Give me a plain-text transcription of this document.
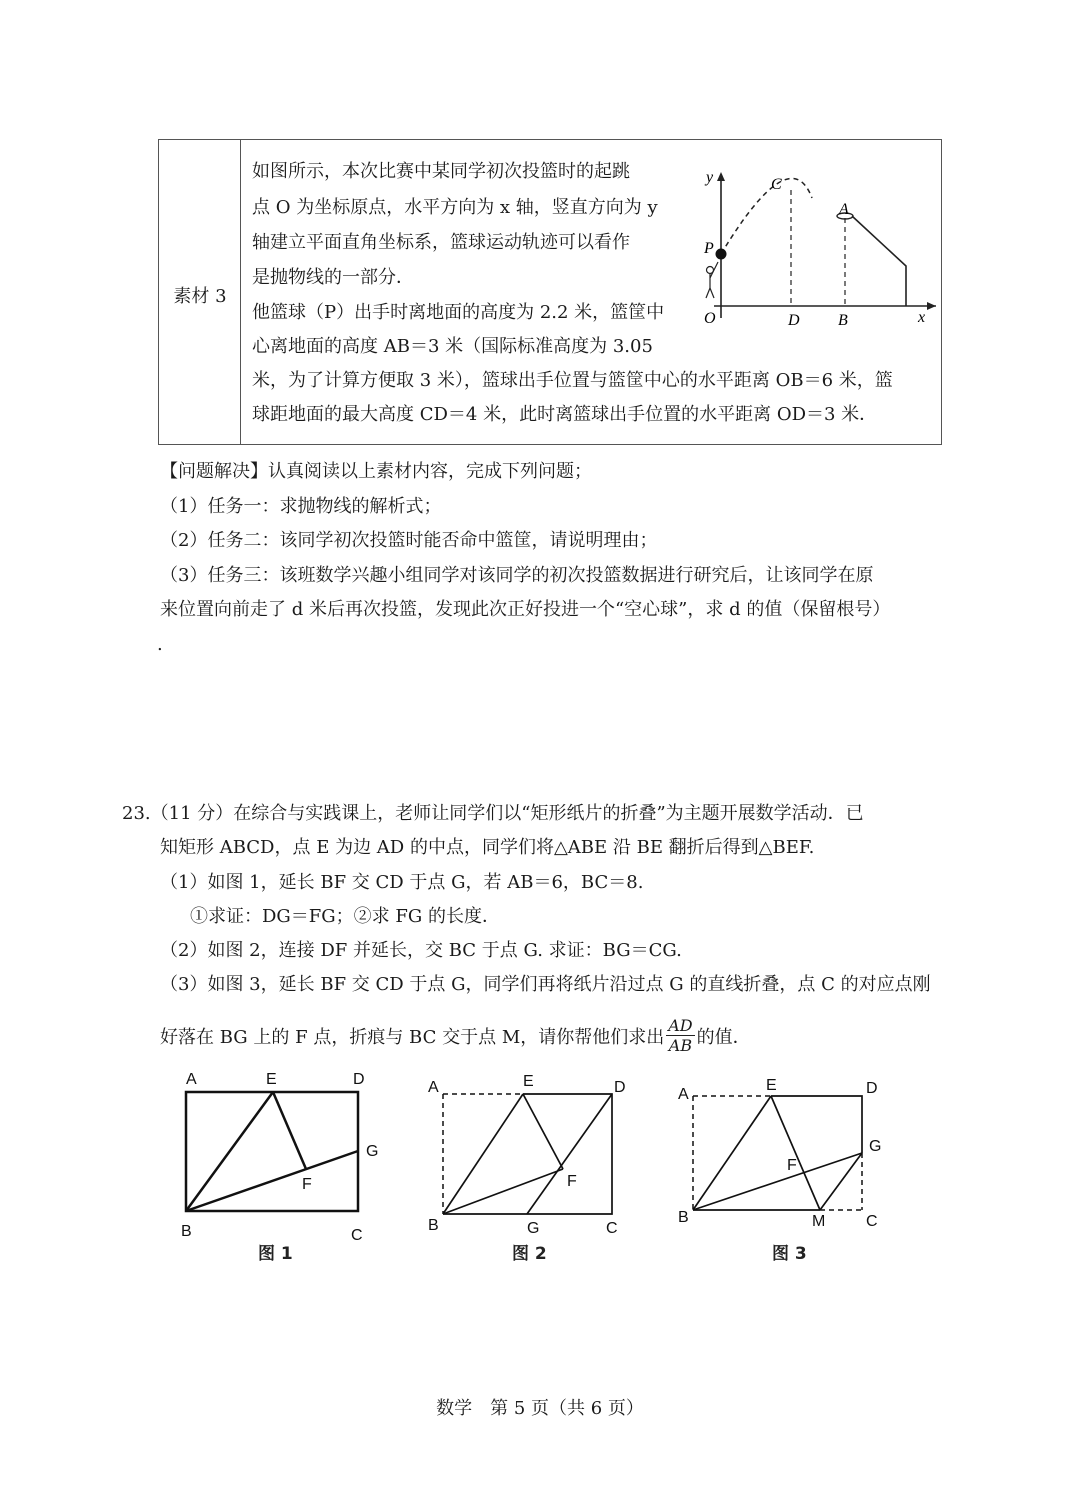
素材 3
如图所示，本次比赛中某同学初次投篮时的起跳
点 O 为坐标原点，水平方向为 x 轴，竖直方向为 y
轴建立平面直角坐标系，篮球运动轨迹可以看作
是抛物线的一部分．
他篮球（P）出手时离地面的高度为 2.2 米，篮筐中
心离地面的高度 AB＝3 米（国际标准高度为 3.05
米，为了计算方便取 3 米），篮球出手位置与篮筐中心的水平距离 OB＝6 米，篮
球距地面的最大高度 CD＝4 米，此时离篮球出手位置的水平距离 OD＝3 米．
y
x
O	D B
C
A
P
【问题解决】认真阅读以上素材内容，完成下列问题；
（1）任务一：求抛物线的解析式；
（2）任务二：该同学初次投篮时能否命中篮筐，请说明理由；
（3）任务三：该班数学兴趣小组同学对该同学的初次投篮数据进行研究后，让该同学在原
来位置向前走了 d 米后再次投篮，发现此次正好投进一个“空心球”，求 d 的值（保留根号）
.
23.（11 分）在综合与实践课上，老师让同学们以“矩形纸片的折叠”为主题开展数学活动．已
知矩形 ABCD，点 E 为边 AD 的中点，同学们将△ABE 沿 BE 翻折后得到△BEF.
（1）如图 1，延长 BF 交 CD 于点 G，若 AB＝6，BC＝8.
①求证：DG＝FG；②求 FG 的长度．
（2）如图 2，连接 DF 并延长，交 BC 于点 G. 求证：BG＝CG.
（3）如图 3，延长 BF 交 CD 于点 G，同学们再将纸片沿过点 G 的直线折叠，点 C 的对应点刚
好落在 BG 上的 F 点，折痕与 BC 交于点 M，请你帮他们求出 $\frac{AD}{AB}$ 的值．
A	E	D
G
F
B	C
图 1
A	E	D
F
B	G	C
图 2
A
E	D
G
F
B	M	C
图 3
数学　第 5 页（共 6 页）
